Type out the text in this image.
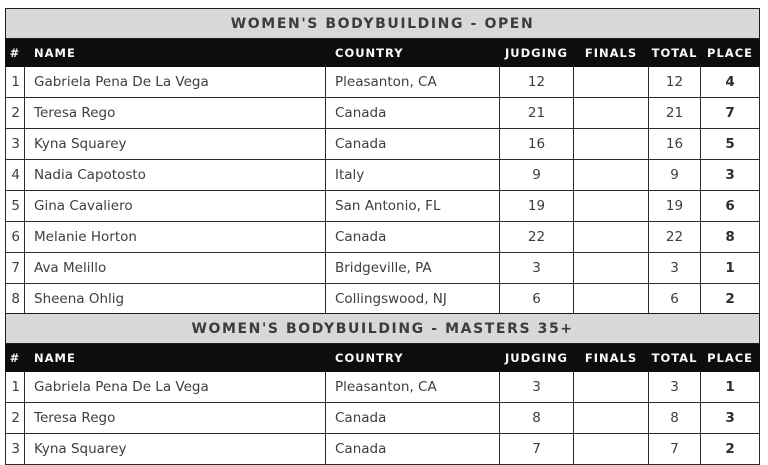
WOMEN'S BODYBUILDING - OPEN						
#	NAME	COUNTRY	JUDGING	FINALS	TOTAL	PLACE
1	Gabriela Pena De La Vega	Pleasanton, CA	12		12	4
2	Teresa Rego	Canada	21		21	7
3	Kyna Squarey	Canada	16		16	5
4	Nadia Capotosto	Italy	9		9	3
5	Gina Cavaliero	San Antonio, FL	19		19	6
6	Melanie Horton	Canada	22		22	8
7	Ava Melillo	Bridgeville, PA	3		3	1
8	Sheena Ohlig	Collingswood, NJ	6		6	2
WOMEN'S BODYBUILDING - MASTERS 35+						
#	NAME	COUNTRY	JUDGING	FINALS	TOTAL	PLACE
1	Gabriela Pena De La Vega	Pleasanton, CA	3		3	1
2	Teresa Rego	Canada	8		8	3
3	Kyna Squarey	Canada	7		7	2
